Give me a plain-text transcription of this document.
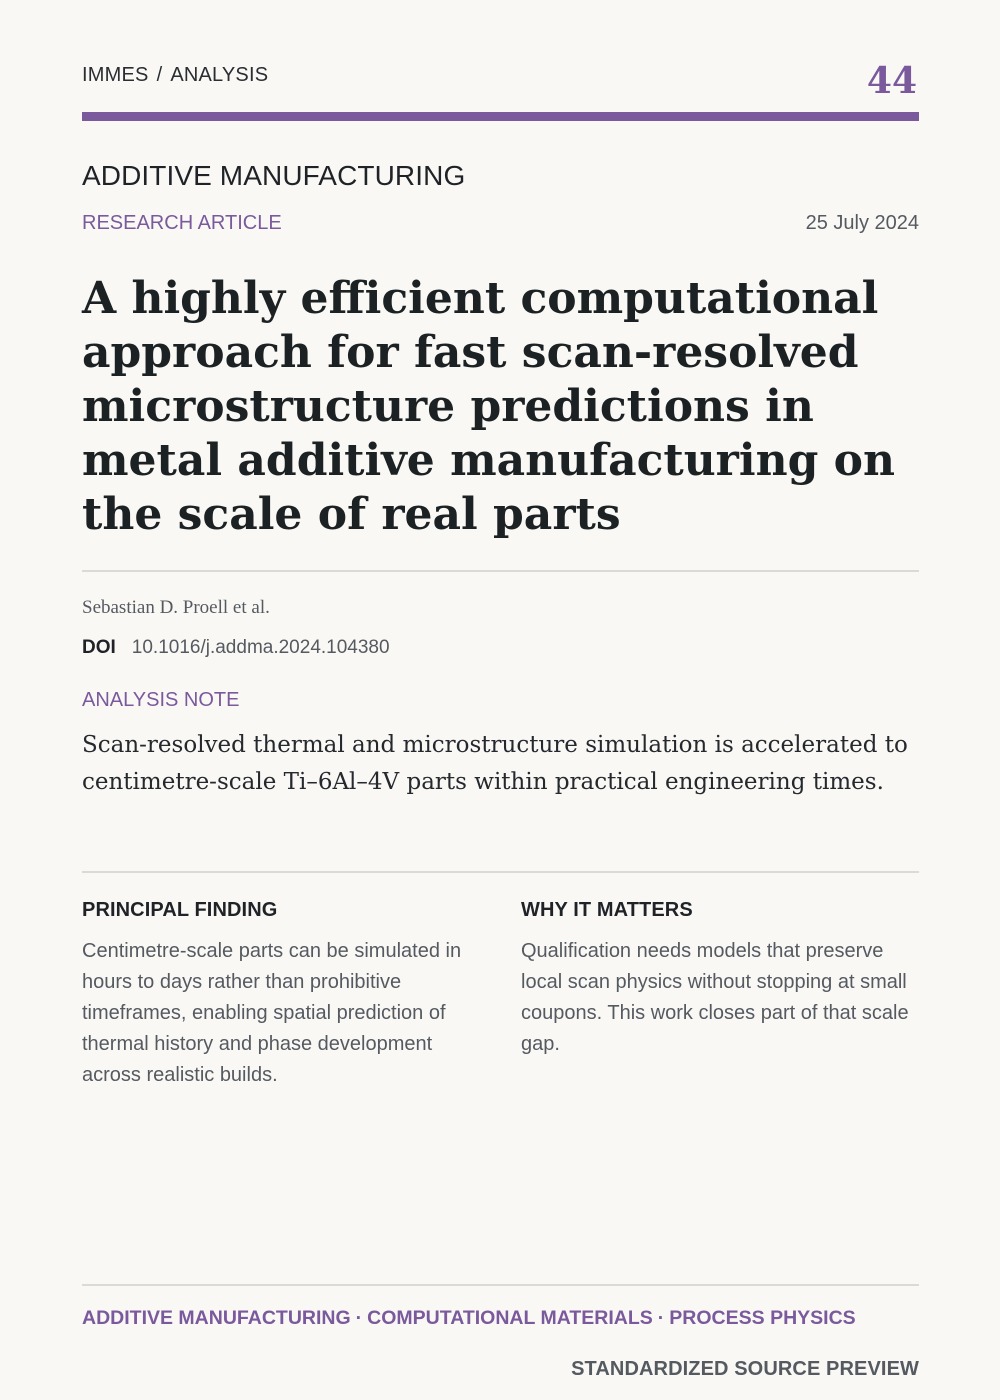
IMMES / ANALYSIS	44
ADDITIVE MANUFACTURING
RESEARCH ARTICLE	25 July 2024
A highly efficient computational approach for fast scan-resolved microstructure predictions in metal additive manufacturing on the scale of real parts
Sebastian D. Proell et al.
DOI 10.1016/j.addma.2024.104380
ANALYSIS NOTE

Scan-resolved thermal and microstructure simulation is accelerated to centimetre-scale Ti–6Al–4V parts within practical engineering times.

PRINCIPAL FINDING

Centimetre-scale parts can be simulated in hours to days rather than prohibitive timeframes, enabling spatial prediction of thermal history and phase development across realistic builds.

WHY IT MATTERS

Qualification needs models that preserve local scan physics without stopping at small coupons. This work closes part of that scale gap.

ADDITIVE MANUFACTURING · COMPUTATIONAL MATERIALS · PROCESS PHYSICS
STANDARDIZED SOURCE PREVIEW
